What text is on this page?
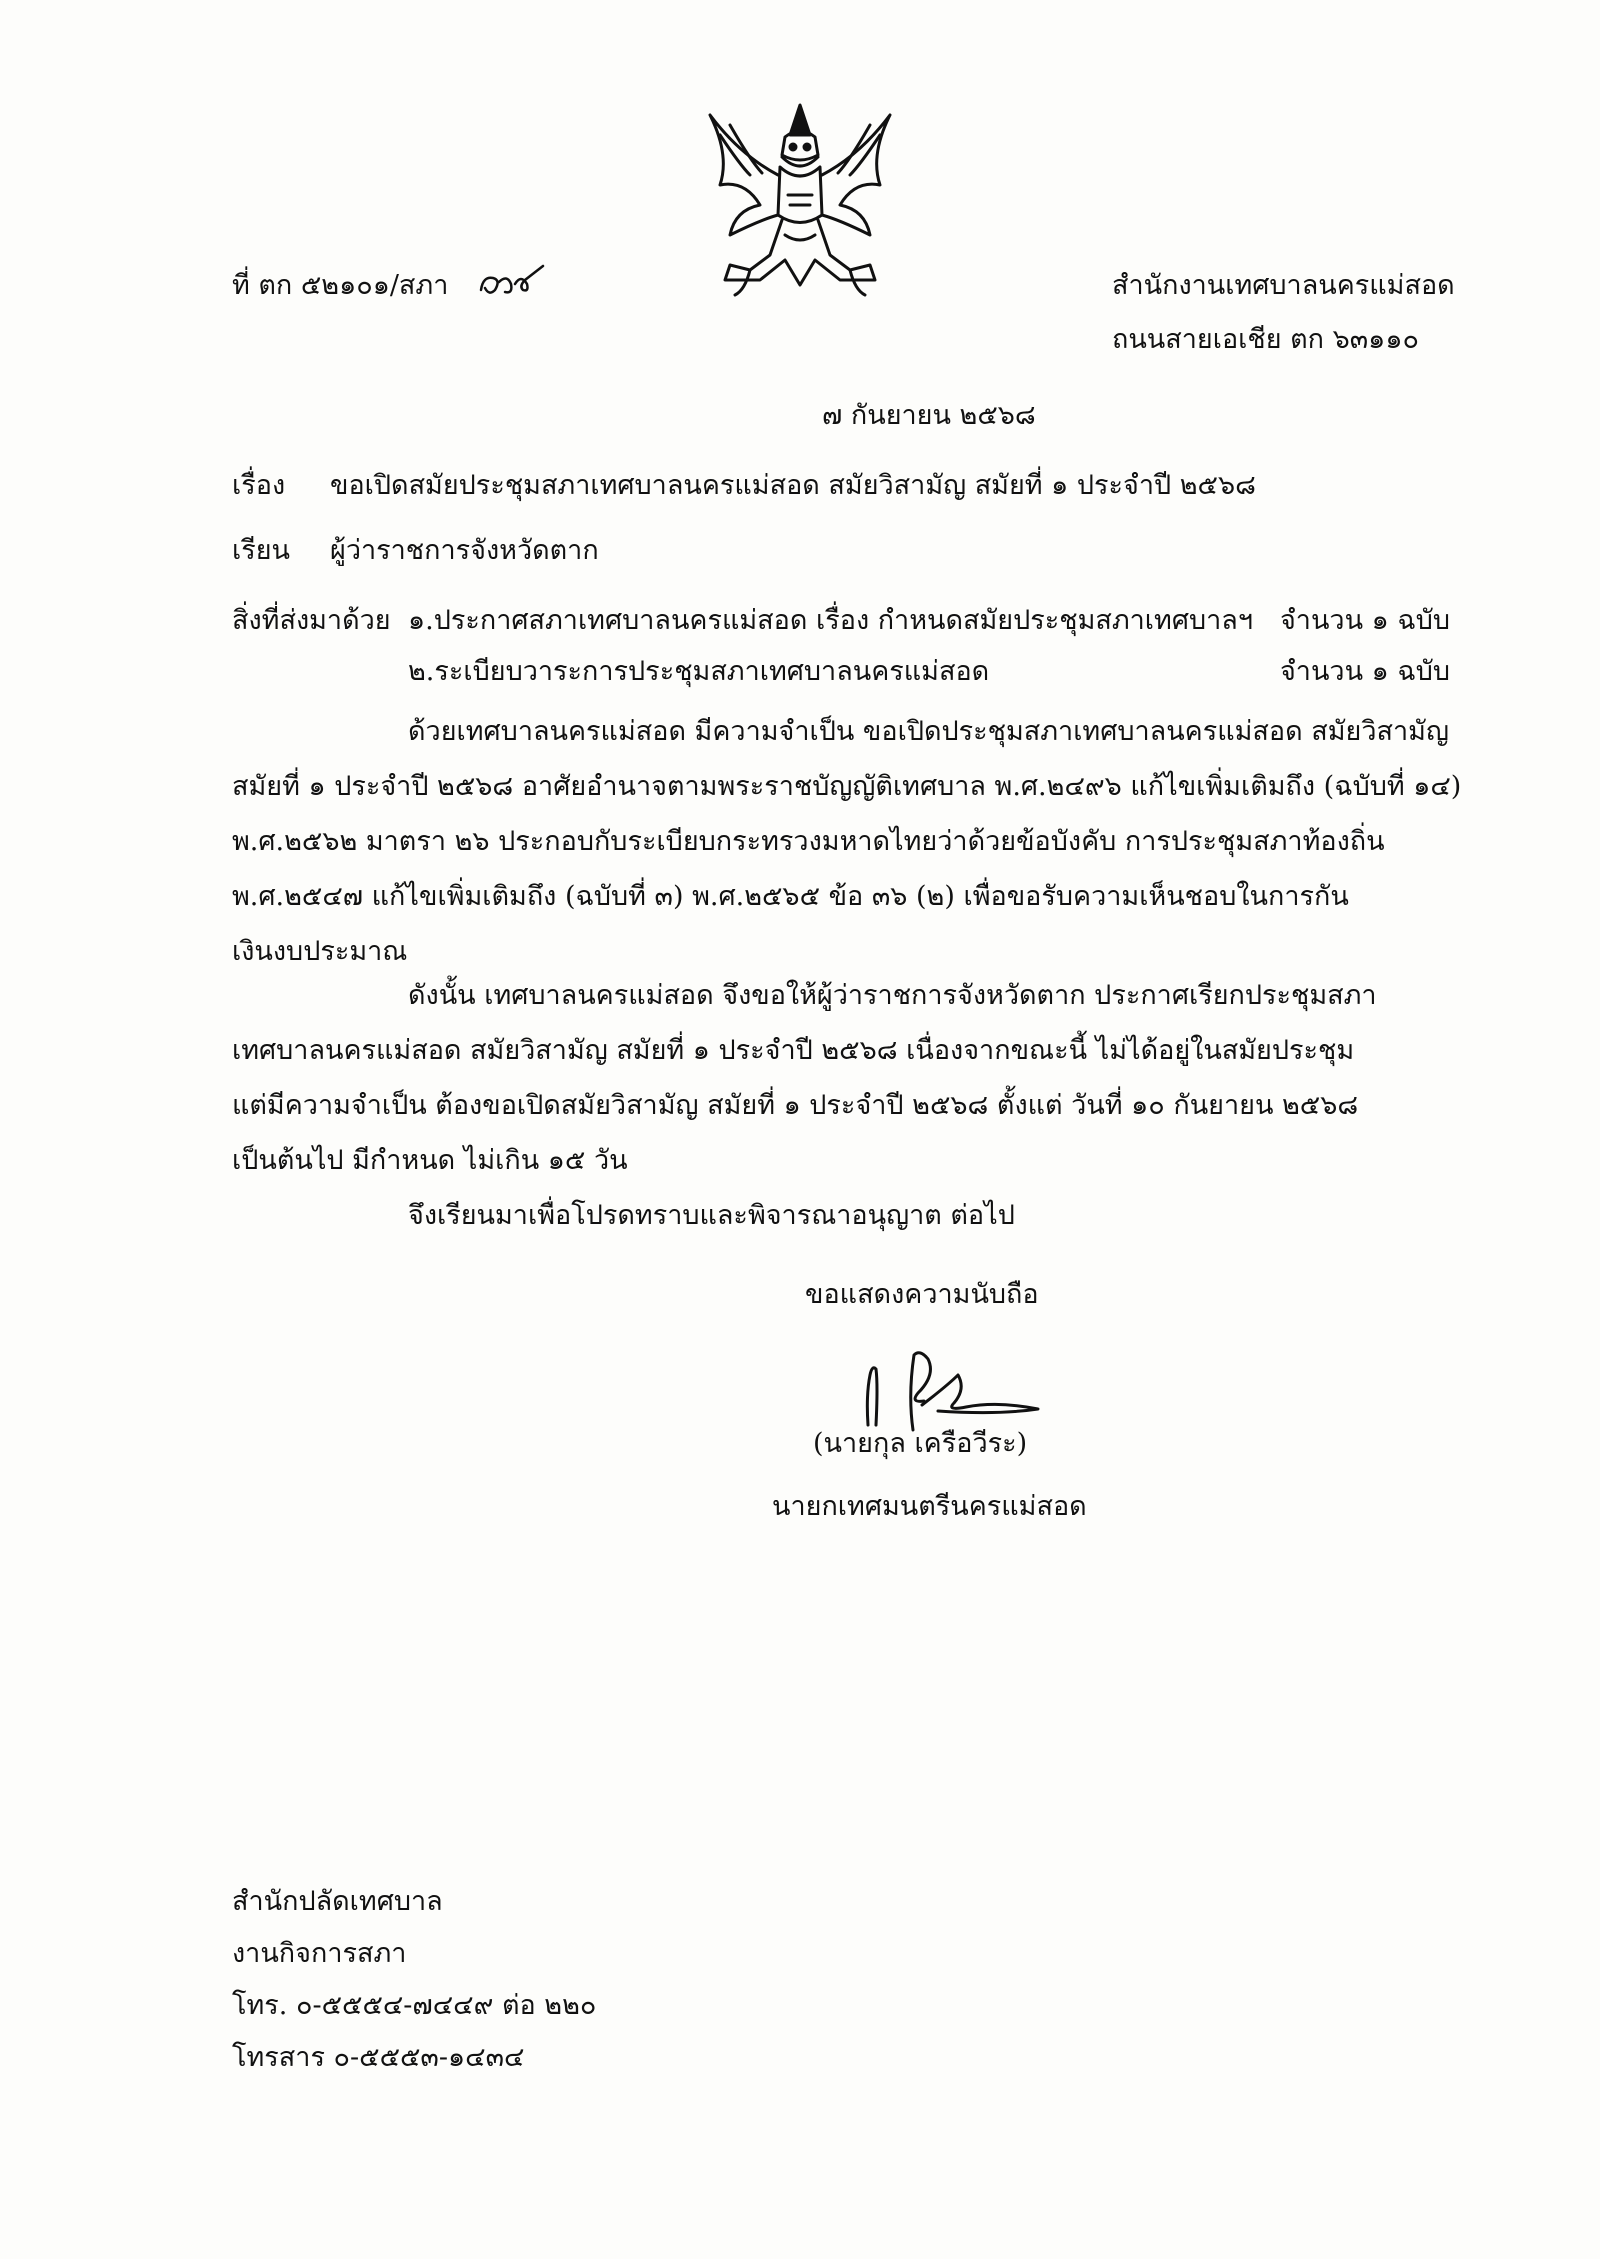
ที่ ตก ๕๒๑๐๑/สภา	สำนักงานเทศบาลนครแม่สอด
ถนนสายเอเชีย ตก ๖๓๑๑๐
๗ กันยายน ๒๕๖๘
เรื่อง ขอเปิดสมัยประชุมสภาเทศบาลนครแม่สอด สมัยวิสามัญ สมัยที่ ๑ ประจำปี ๒๕๖๘
เรียน ผู้ว่าราชการจังหวัดตาก
สิ่งที่ส่งมาด้วย ๑.ประกาศสภาเทศบาลนครแม่สอด เรื่อง กำหนดสมัยประชุมสภาเทศบาลฯ จำนวน ๑ ฉบับ
๒.ระเบียบวาระการประชุมสภาเทศบาลนครแม่สอด	จำนวน ๑ ฉบับ
ด้วยเทศบาลนครแม่สอด มีความจำเป็น ขอเปิดประชุมสภาเทศบาลนครแม่สอด สมัยวิสามัญ
สมัยที่ ๑ ประจำปี ๒๕๖๘ อาศัยอำนาจตามพระราชบัญญัติเทศบาล พ.ศ.๒๔๙๖ แก้ไขเพิ่มเติมถึง (ฉบับที่ ๑๔)
พ.ศ.๒๕๖๒ มาตรา ๒๖ ประกอบกับระเบียบกระทรวงมหาดไทยว่าด้วยข้อบังคับ การประชุมสภาท้องถิ่น
พ.ศ.๒๕๔๗ แก้ไขเพิ่มเติมถึง (ฉบับที่ ๓) พ.ศ.๒๕๖๕ ข้อ ๓๖ (๒) เพื่อขอรับความเห็นชอบในการกัน
เงินงบประมาณ
ดังนั้น เทศบาลนครแม่สอด จึงขอให้ผู้ว่าราชการจังหวัดตาก ประกาศเรียกประชุมสภา
เทศบาลนครแม่สอด สมัยวิสามัญ สมัยที่ ๑ ประจำปี ๒๕๖๘ เนื่องจากขณะนี้ ไม่ได้อยู่ในสมัยประชุม
แต่มีความจำเป็น ต้องขอเปิดสมัยวิสามัญ สมัยที่ ๑ ประจำปี ๒๕๖๘ ตั้งแต่ วันที่ ๑๐ กันยายน ๒๕๖๘
เป็นต้นไป มีกำหนด ไม่เกิน ๑๕ วัน
จึงเรียนมาเพื่อโปรดทราบและพิจารณาอนุญาต ต่อไป
ขอแสดงความนับถือ
(นายกุล เครือวีระ)
นายกเทศมนตรีนครแม่สอด
สำนักปลัดเทศบาล
งานกิจการสภา
โทร. ๐-๕๕๕๔-๗๔๔๙ ต่อ ๒๒๐
โทรสาร ๐-๕๕๕๓-๑๔๓๔
